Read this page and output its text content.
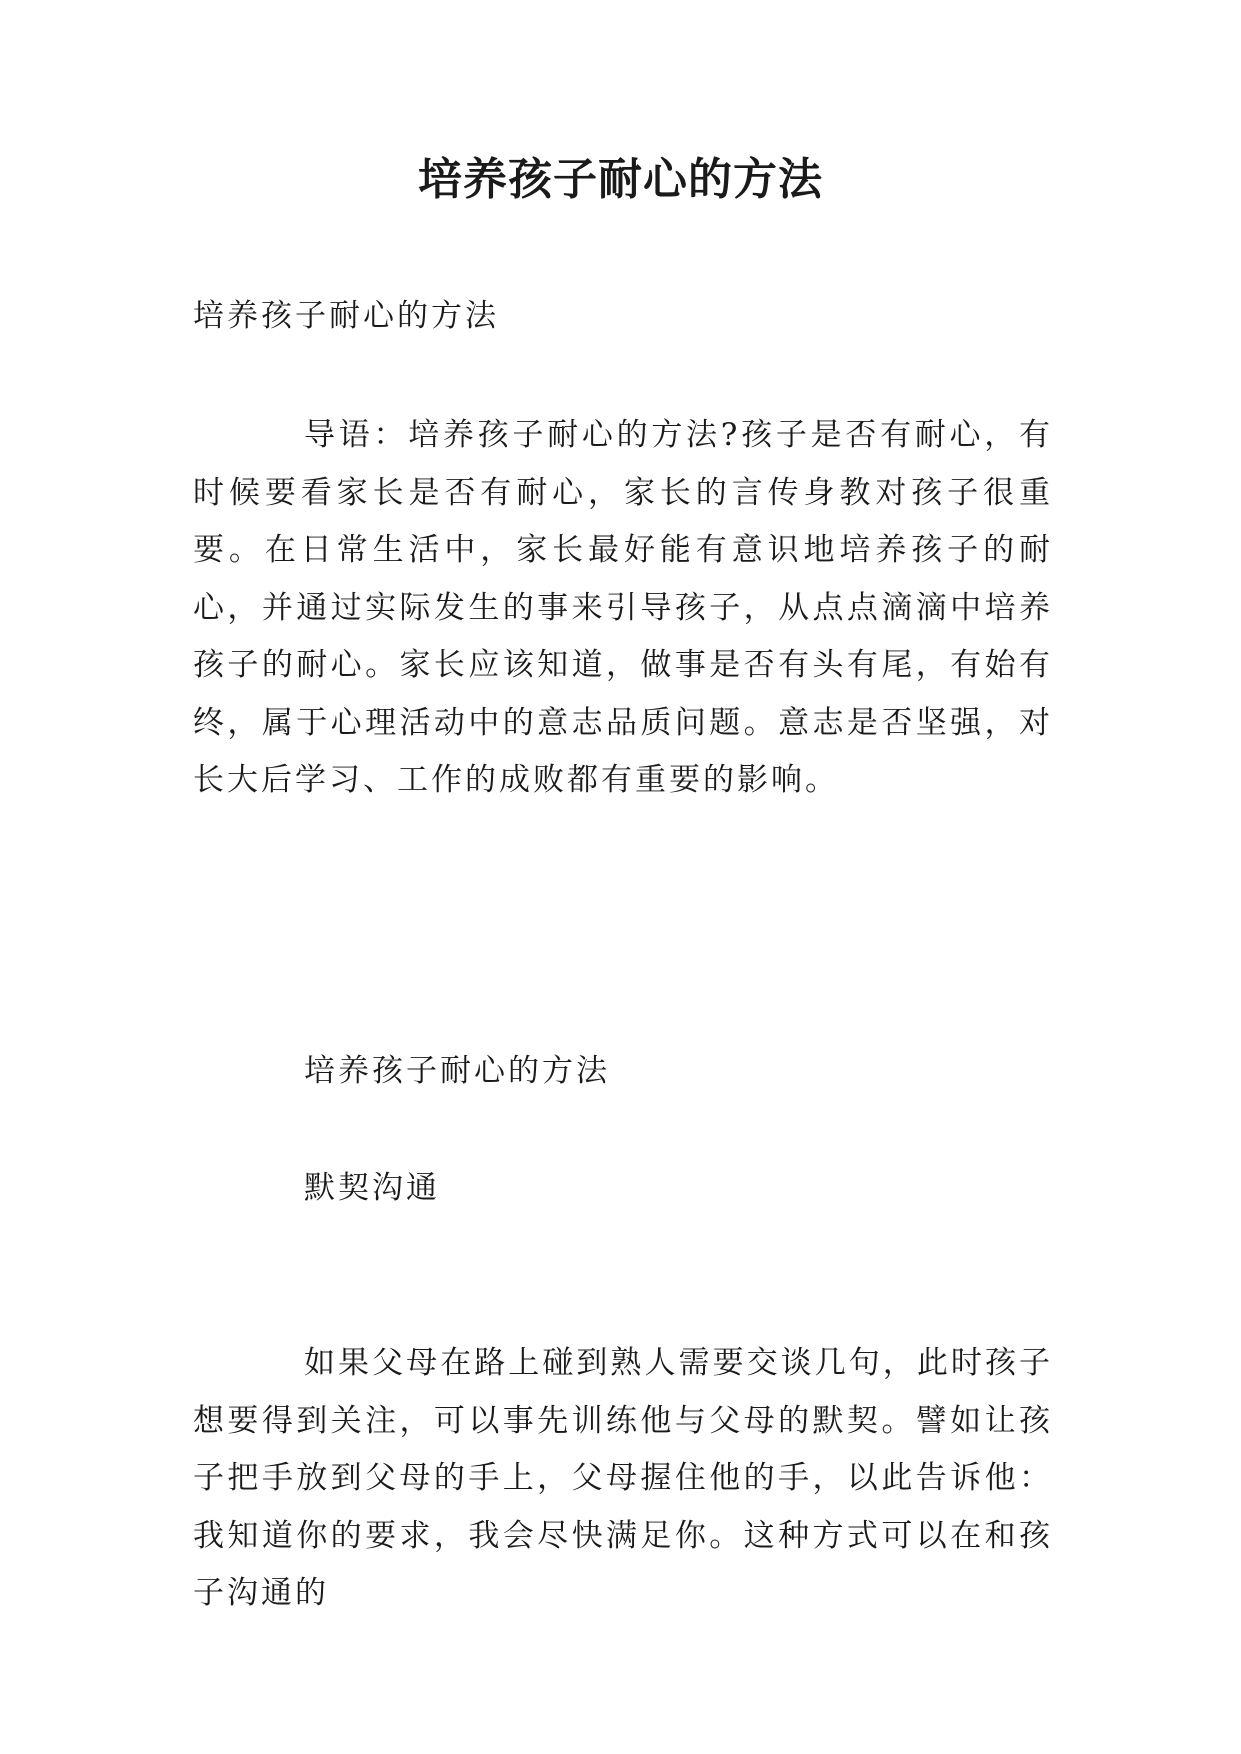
培养孩子耐心的方法
培养孩子耐心的方法
导语：培养孩子耐心的方法?孩子是否有耐心，有时候要看家长是否有耐心，家长的言传身教对孩子很重要。在日常生活中，家长最好能有意识地培养孩子的耐心，并通过实际发生的事来引导孩子，从点点滴滴中培养孩子的耐心。家长应该知道，做事是否有头有尾，有始有终，属于心理活动中的意志品质问题。意志是否坚强，对长大后学习、工作的成败都有重要的影响。
培养孩子耐心的方法
默契沟通
如果父母在路上碰到熟人需要交谈几句，此时孩子想要得到关注，可以事先训练他与父母的默契。譬如让孩子把手放到父母的手上，父母握住他的手，以此告诉他：我知道你的要求，我会尽快满足你。这种方式可以在和孩子沟通的
